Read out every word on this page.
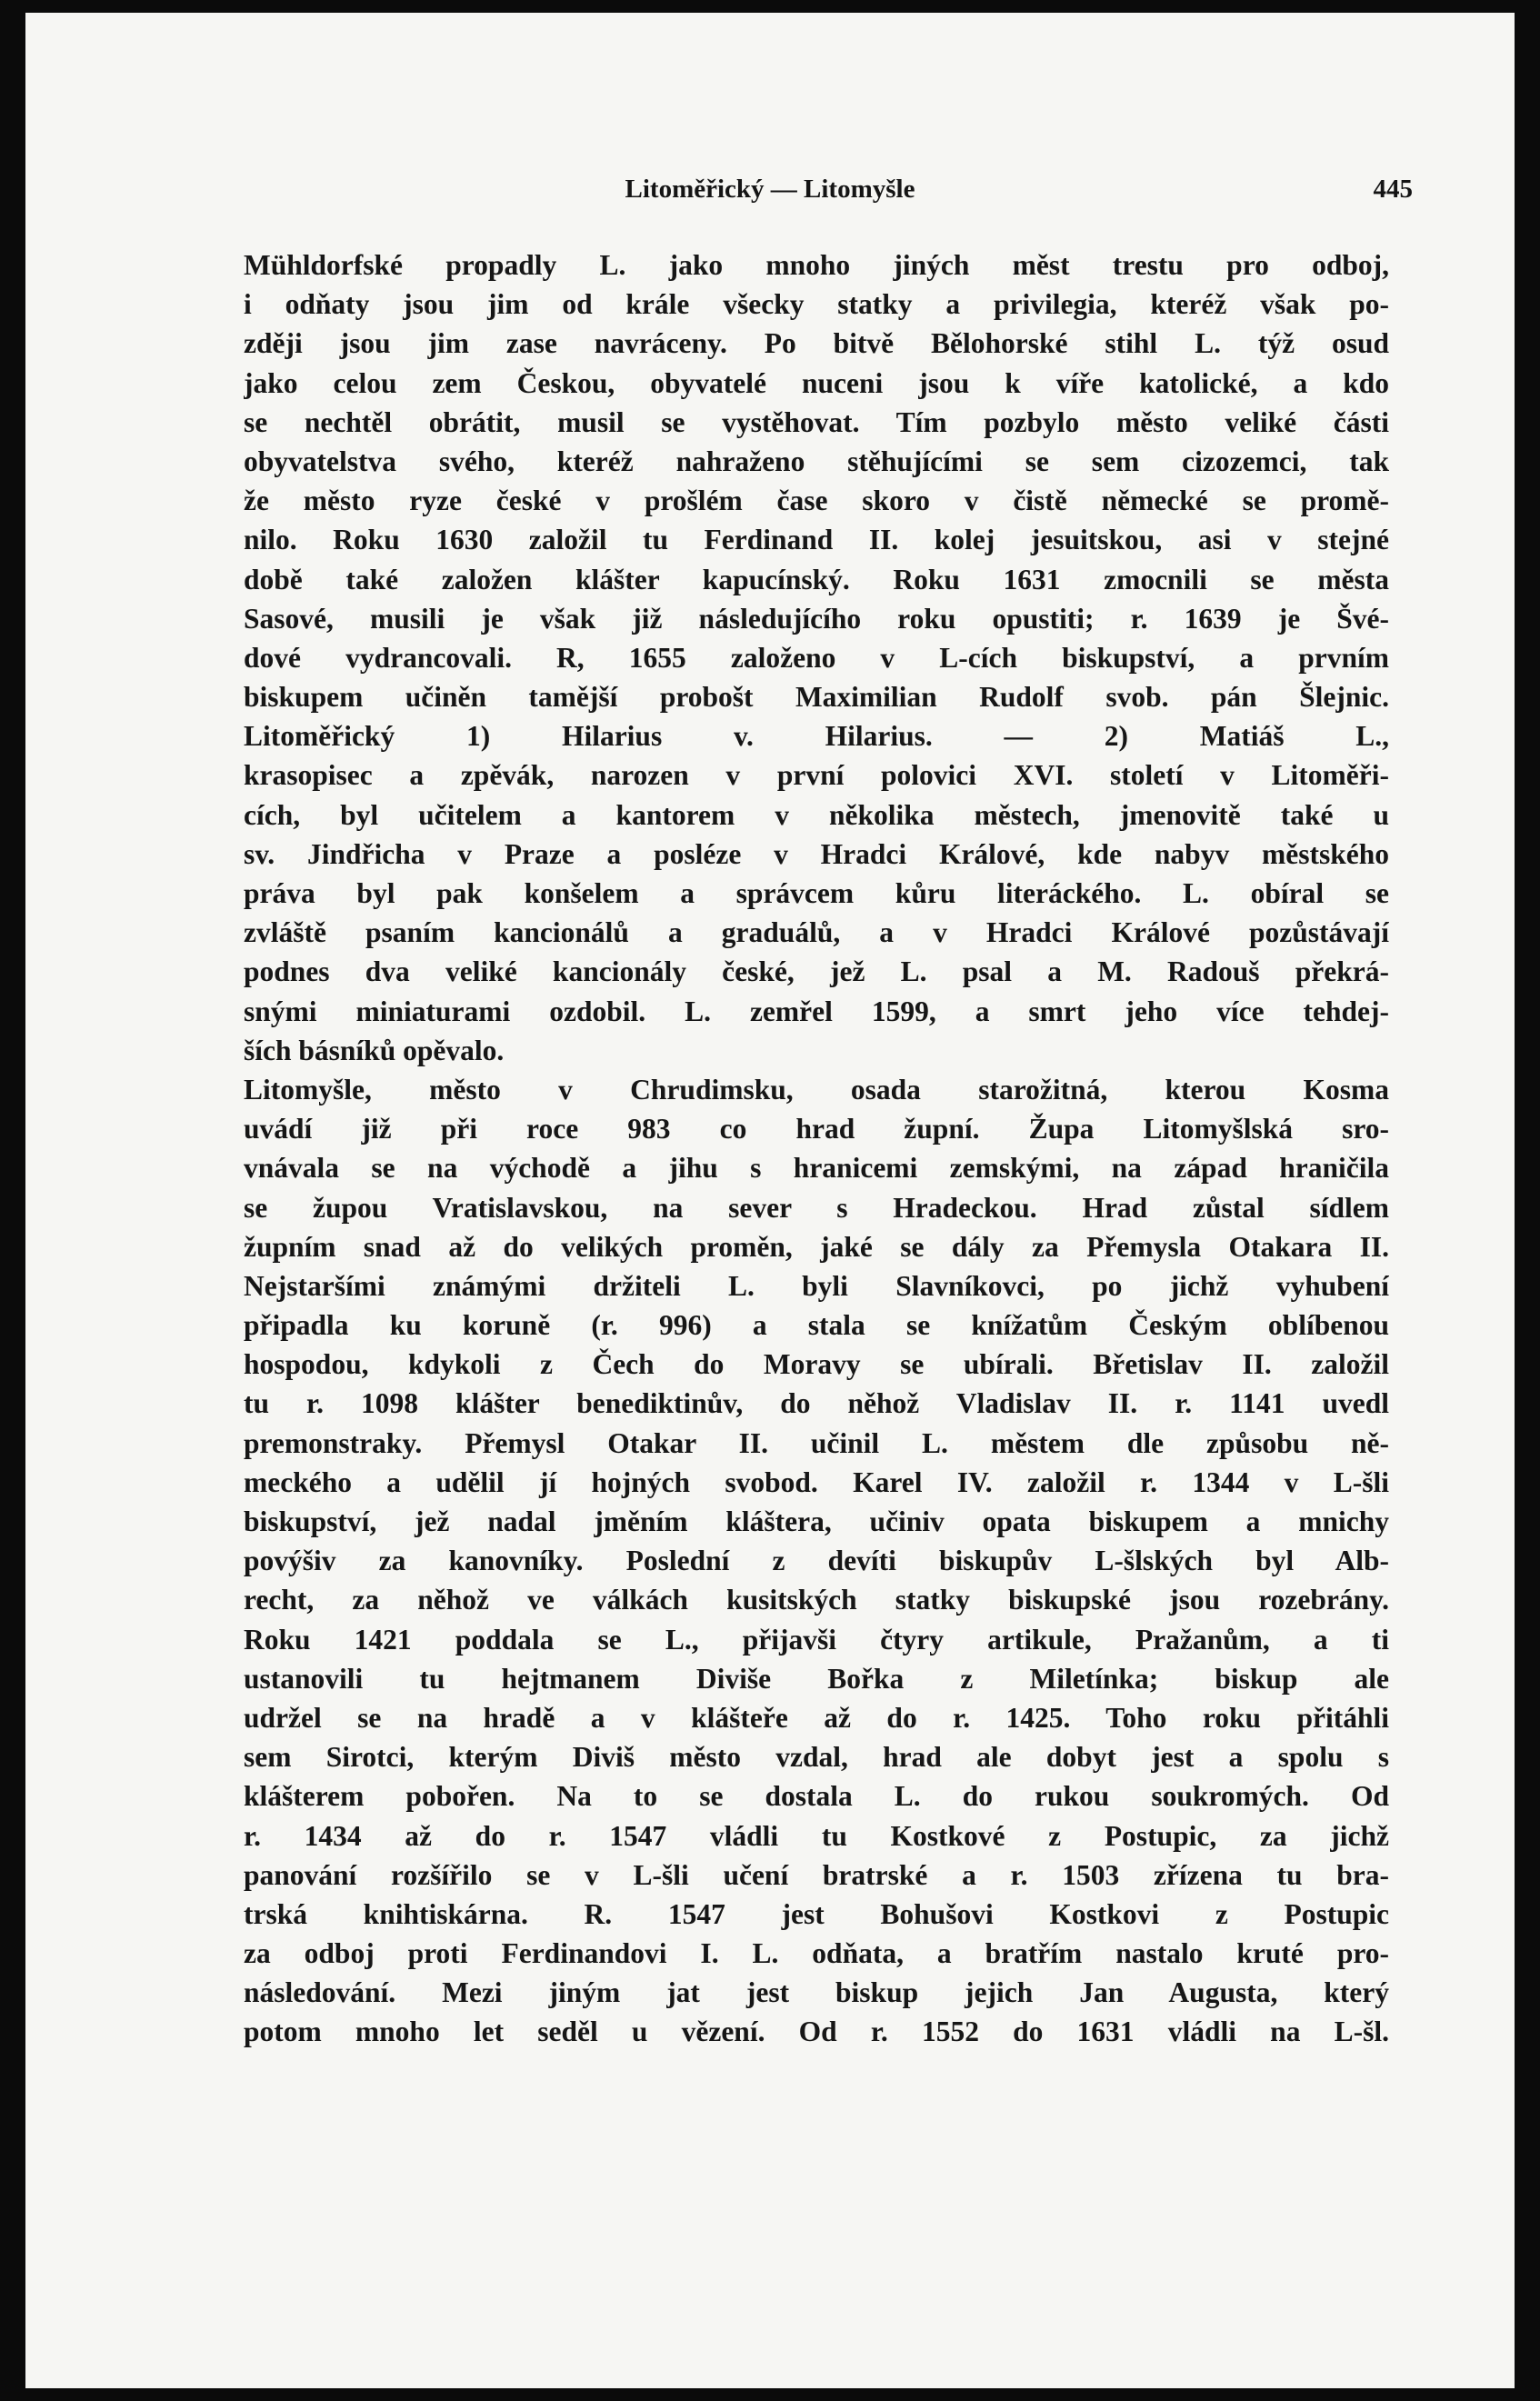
Litoměřický — Litomyšle	445
Mühldorfské propadly L. jako mnoho jiných měst trestu pro odboj,
i odňaty jsou jim od krále všecky statky a privilegia, kteréž však po-
zději jsou jim zase navráceny. Po bitvě Bělohorské stihl L. týž osud
jako celou zem Českou, obyvatelé nuceni jsou k víře katolické, a kdo
se nechtěl obrátit, musil se vystěhovat. Tím pozbylo město veliké části
obyvatelstva svého, kteréž nahraženo stěhujícími se sem cizozemci, tak
že město ryze české v prošlém čase skoro v čistě německé se promě-
nilo. Roku 1630 založil tu Ferdinand II. kolej jesuitskou, asi v stejné
době také založen klášter kapucínský. Roku 1631 zmocnili se města
Sasové, musili je však již následujícího roku opustiti; r. 1639 je Švé-
dové vydrancovali. R, 1655 založeno v L-cích biskupství, a prvním
biskupem učiněn tamější probošt Maximilian Rudolf svob. pán Šlejnic.
Litoměřický 1) Hilarius v. Hilarius. — 2) Matiáš L.,
krasopisec a zpěvák, narozen v první polovici XVI. století v Litoměři-
cích, byl učitelem a kantorem v několika městech, jmenovitě také u
sv. Jindřicha v Praze a posléze v Hradci Králové, kde nabyv městského
práva byl pak konšelem a správcem kůru literáckého. L. obíral se
zvláště psaním kancionálů a graduálů, a v Hradci Králové pozůstávají
podnes dva veliké kancionály české, jež L. psal a M. Radouš překrá-
snými miniaturami ozdobil. L. zemřel 1599, a smrt jeho více tehdej-
ších básníků opěvalo.
Litomyšle, město v Chrudimsku, osada starožitná, kterou Kosma
uvádí již při roce 983 co hrad župní. Župa Litomyšlská sro-
vnávala se na východě a jihu s hranicemi zemskými, na západ hraničila
se župou Vratislavskou, na sever s Hradeckou. Hrad zůstal sídlem
župním snad až do velikých proměn, jaké se dály za Přemysla Otakara II.
Nejstaršími známými držiteli L. byli Slavníkovci, po jichž vyhubení
připadla ku koruně (r. 996) a stala se knížatům Českým oblíbenou
hospodou, kdykoli z Čech do Moravy se ubírali. Břetislav II. založil
tu r. 1098 klášter benediktinův, do něhož Vladislav II. r. 1141 uvedl
premonstraky. Přemysl Otakar II. učinil L. městem dle způsobu ně-
meckého a udělil jí hojných svobod. Karel IV. založil r. 1344 v L-šli
biskupství, jež nadal jměním kláštera, učiniv opata biskupem a mnichy
povýšiv za kanovníky. Poslední z devíti biskupův L-šlských byl Alb-
recht, za něhož ve válkách kusitských statky biskupské jsou rozebrány.
Roku 1421 poddala se L., přijavši čtyry artikule, Pražanům, a ti
ustanovili tu hejtmanem Diviše Bořka z Miletínka; biskup ale
udržel se na hradě a v klášteře až do r. 1425. Toho roku přitáhli
sem Sirotci, kterým Diviš město vzdal, hrad ale dobyt jest a spolu s
klášterem pobořen. Na to se dostala L. do rukou soukromých. Od
r. 1434 až do r. 1547 vládli tu Kostkové z Postupic, za jichž
panování rozšířilo se v L-šli učení bratrské a r. 1503 zřízena tu bra-
trská knihtiskárna. R. 1547 jest Bohušovi Kostkovi z Postupic
za odboj proti Ferdinandovi I. L. odňata, a bratřím nastalo kruté pro-
následování. Mezi jiným jat jest biskup jejich Jan Augusta, který
potom mnoho let seděl u vězení. Od r. 1552 do 1631 vládli na L-šl.
